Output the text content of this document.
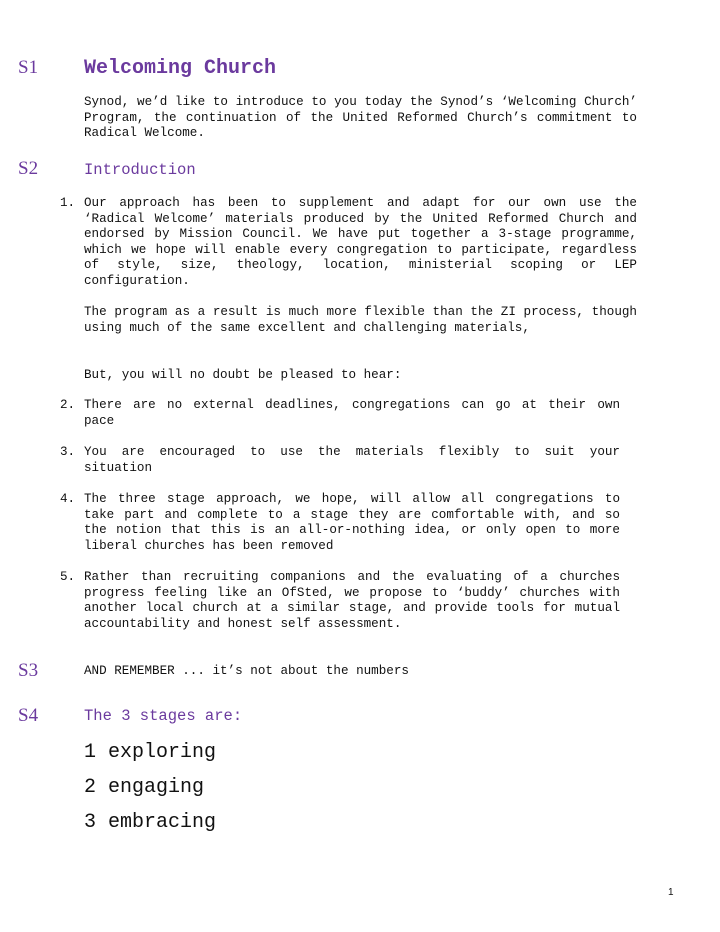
S1 Welcoming Church
Synod, we’d like to introduce to you today the Synod’s ‘Welcoming Church’ Program, the continuation of the United Reformed Church’s commitment to Radical Welcome.
S2	Introduction
1. Our approach has been to supplement and adapt for our own use the ‘Radical Welcome’ materials produced by the United Reformed Church and endorsed by Mission Council. We have put together a 3-stage programme, which we hope will enable every congregation to participate, regardless of style, size, theology, location, ministerial scoping or LEP configuration.
The program as a result is much more flexible than the ZI process, though using much of the same excellent and challenging materials,
But, you will no doubt be pleased to hear:
2. There are no external deadlines, congregations can go at their own pace
3. You are encouraged to use the materials flexibly to suit your situation
4. The three stage approach, we hope, will allow all congregations to take part and complete to a stage they are comfortable with, and so the notion that this is an all-or-nothing idea, or only open to more liberal churches has been removed
5. Rather than recruiting companions and the evaluating of a churches progress feeling like an OfSted, we propose to ‘buddy’ churches with another local church at a similar stage, and provide tools for mutual accountability and honest self assessment.
S3	AND REMEMBER ... it’s not about the numbers
S4	The 3 stages are:
1 exploring
2 engaging
3 embracing
1
